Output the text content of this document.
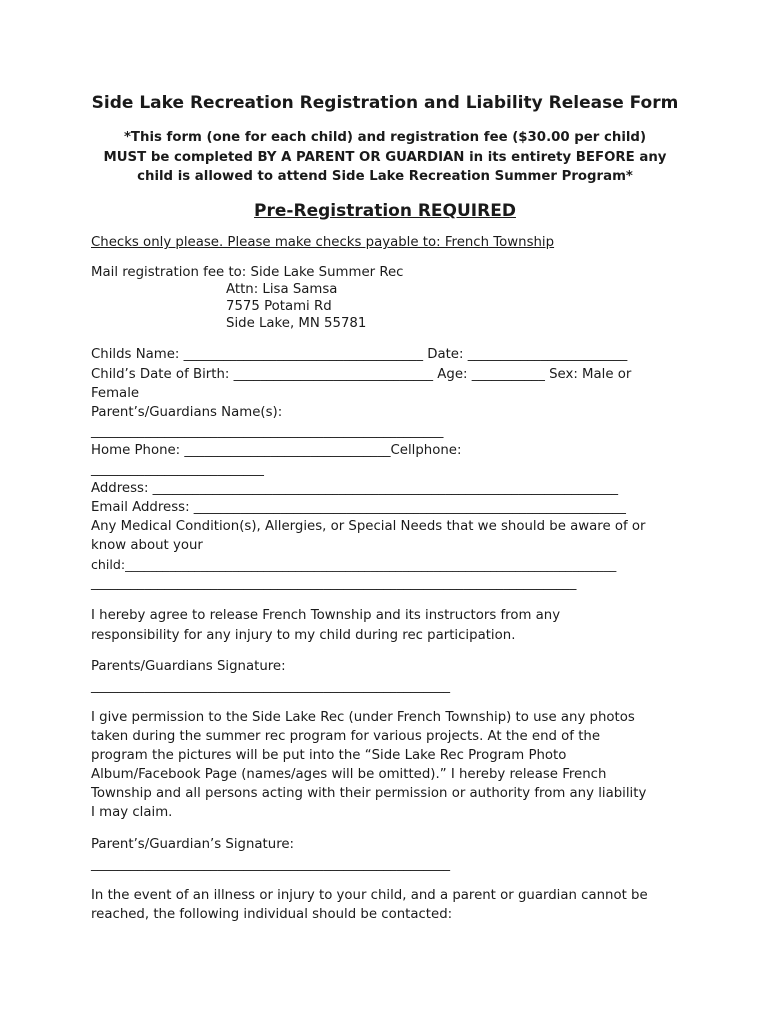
Side Lake Recreation Registration and Liability Release Form
*This form (one for each child) and registration fee ($30.00 per child)
MUST be completed BY A PARENT OR GUARDIAN in its entirety BEFORE any
child is allowed to attend Side Lake Recreation Summer Program*
Pre-Registration REQUIRED

Checks only please. Please make checks payable to: French Township

Mail registration fee to: Side Lake Summer Rec

Attn: Lisa Samsa

7575 Potami Rd

Side Lake, MN 55781

Childs Name: ____________________________________ Date: ________________________

Child’s Date of Birth: ______________________________ Age: ___________ Sex: Male or

Female

Parent’s/Guardians Name(s):

_____________________________________________________

Home Phone: _______________________________Cellphone:

__________________________

Address: ______________________________________________________________________

Email Address: _________________________________________________________________

Any Medical Condition(s), Allergies, or Special Needs that we should be aware of or

know about your

child:______________________________________________________________________________

_________________________________________________________________________

I hereby agree to release French Township and its instructors from any

responsibility for any injury to my child during rec participation.

Parents/Guardians Signature:

______________________________________________________

I give permission to the Side Lake Rec (under French Township) to use any photos

taken during the summer rec program for various projects. At the end of the

program the pictures will be put into the “Side Lake Rec Program Photo

Album/Facebook Page (names/ages will be omitted).” I hereby release French

Township and all persons acting with their permission or authority from any liability

I may claim.

Parent’s/Guardian’s Signature:

______________________________________________________

In the event of an illness or injury to your child, and a parent or guardian cannot be

reached, the following individual should be contacted:
